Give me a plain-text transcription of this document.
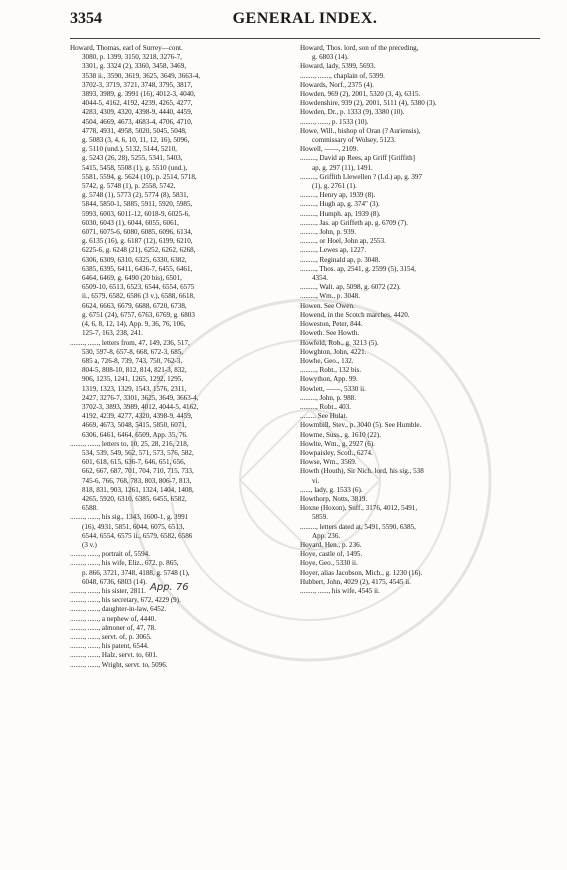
3354	GENERAL INDEX.
Howard, Thomas, earl of Surrey—cont.
3080, p. 1399, 3150, 3218, 3276-7,
3301, g. 3324 (2), 3360, 3458, 3469,
3538 ii., 3590, 3619, 3625, 3649, 3663-4,
3702-3, 3719, 3721, 3748, 3795, 3817,
3893, 3989, g. 3991 (16), 4012-3, 4040,
4044-5, 4162, 4192, 4239, 4265, 4277,
4283, 4309, 4320, 4398-9, 4440, 4459,
4504, 4669, 4673, 4683-4, 4706, 4710,
4778, 4931, 4958, 5020, 5045, 5048,
g. 5083 (3, 4, 6, 10, 11, 12, 16), 5096,
g. 5110 (und.), 5132, 5144, 5210,
g. 5243 (26, 28), 5255, 5341, 5403,
5415, 5458, 5508 (1), g. 5510 (und.),
5581, 5594, g. 5624 (10), p. 2514, 5718,
5742, g. 5748 (1), p. 2558, 5742,
g. 5748 (1), 5773 (2), 5774 (8), 5831,
5844, 5850-1, 5885, 5911, 5920, 5985,
5993, 6003, 6011-12, 6018-9, 6025-6,
6030, 6043 (1), 6044, 6055, 6061,
6071, 6075-6, 6080, 6085, 6096, 6134,
g. 6135 (16), g. 6187 (12), 6199, 6210,
6225-6, g. 6248 (21), 6252, 6262, 6268,
6306, 6309, 6310, 6325, 6330, 6382,
6385, 6395, 6411, 6436-7, 6455, 6461,
6464, 6469, g. 6490 (20 bis), 6501,
6509-10, 6513, 6523, 6544, 6554, 6575
ii., 6579, 6582, 6586 (3 v.), 6588, 6618,
6624, 6663, 6679, 6688, 6720, 6738,
g. 6751 (24), 6757, 6763, 6769, g. 6803
(4, 6, 8, 12, 14), App. 9, 36, 76, 106,
125-7, 163, 238, 241.
........, ......, letters from, 47, 149, 236, 517,
530, 597-8, 657-8, 668, 672-3, 685,
685 a, 726-8, 739, 743, 750, 762-3,
804-5, 808-10, 812, 814, 821-3, 832,
906, 1235, 1241, 1265, 1292, 1295,
1319, 1323, 1329, 1543, 1576, 2311,
2427, 3276-7, 3301, 3625, 3649, 3663-4,
3702-3, 3893, 3989, 4012, 4044-5, 4162,
4192, 4239, 4277, 4320, 4398-9, 4459,
4669, 4673, 5048, 5415, 5850, 6071,
6306, 6461, 6464, 6509, App. 35, 76.
........, ......, letters to, 10, 25, 28, 216, 218,
534, 539, 549, 562, 571, 573, 576, 582,
601, 618, 615, 636-7, 646, 651, 656,
662, 667, 687, 701, 704, 710, 715, 733,
745-6, 766, 768, 783, 803, 806-7, 813,
818, 831, 903, 1261, 1324, 1404, 1408,
4265, 5920, 6310, 6385, 6455, 6582,
6588.
........, ......, his sig., 1343, 1600-1, g. 3991
(16), 4931, 5851, 6044, 6075, 6513,
6544, 6554, 6575 ii., 6579, 6582, 6586
(3 v.)
........, ......, portrait of, 5594.
........, ......, his wife, Eliz., 672, p. 865,
p. 866, 3721, 3748, 4188, g. 5748 (1),
6048, 6736, 6803 (14).
........, ......, his sister, 2811.
........, ......, his secretary, 672, 4229 (9).
........, ......, daughter-in-law, 6452.
........, ......, a nephew of, 4440.
........, ......, almoner of, 47, 78.
........, ......, servt. of, p. 3065.
........, ......, his patent, 6544.
........, ......, Halz, servt. to, 601.
........, ......, Wright, servt. to, 5096.
Howard, Thos. lord, son of the preceding,
g. 6803 (14).
Howard, lady, 5399, 5693.
........, ......., chaplain of, 5399.
Howards, Norf., 2375 (4).
Howden, 969 (2), 2001, 5320 (3, 4), 6315.
Howdenshire, 939 (2), 2001, 5111 (4), 5380 (3).
Howden, Dr., p. 1333 (9), 3380 (10).
........, ......, p. 1533 (10).
Howe, Will., bishop of Oran (? Auriensis),
commissary of Wolsey, 5123.
Howell, ——, 2109.
........., David ap Rees, ap Griff [Griffith]
ap, g. 297 (11), 1491.
........., Griffith Llewellen ? (Ld.) ap, g. 397
(1), g. 2761 (1).
........., Henry ap, 1939 (8).
........., Hugh ap, g. 374" (3).
........., Humph. ap, 1939 (8).
........., Jas. ap Griffeth ap, g. 6709 (7).
........., John, p. 939.
........., or Hoel, John ap, 2553.
........., Lewes ap, 1227.
........., Reginald ap, p. 3048.
........., Thos. ap, 2541, g. 2599 (5), 3154,
4354.
........., Walt. ap, 5098, g. 6072 (22).
........., Wm., p. 3048.
Howen. See Owen.
Howend, in the Scotch marches, 4420.
Howeston, Peter, 844.
Howeth. See Howth.
Howfeld, Rob., g. 3213 (5).
Howghton, John, 4221.
Howhe, Geo., 132.
........., Robt., 132 bis.
Howython, App. 99.
Howlett, ——, 5330 ii.
........., John, p. 988.
........., Robt., 403.
......... See Hulat.
Howmbill, Stev., p. 3040 (5). See Humble.
Howme, Suss., g. 1610 (22).
Howlte, Wm., g. 2927 (6).
Howpaisley, Scotl., 6274.
Howse, Wm., 3569.
Howth (Houth), Sir Nich. lord, his sig., 538
vi.
......, lady, g. 1533 (6).
Howthorp, Notts, 3819.
Hoxne (Hoxon), Suff., 3176, 4012, 5491,
5859.
........., letters dated at, 5491, 5590, 6385,
App. 236.
Hoyard, Hen., p. 236.
Hoye, castle of, 1495.
Hoye, Geo., 5330 ii.
Hoyer, alias Jacobson, Mich., g. 1230 (16).
Hubbert, John, 4029 (2), 4175, 4545 ii.
........, ......, his wife, 4545 ii.
App. 76
